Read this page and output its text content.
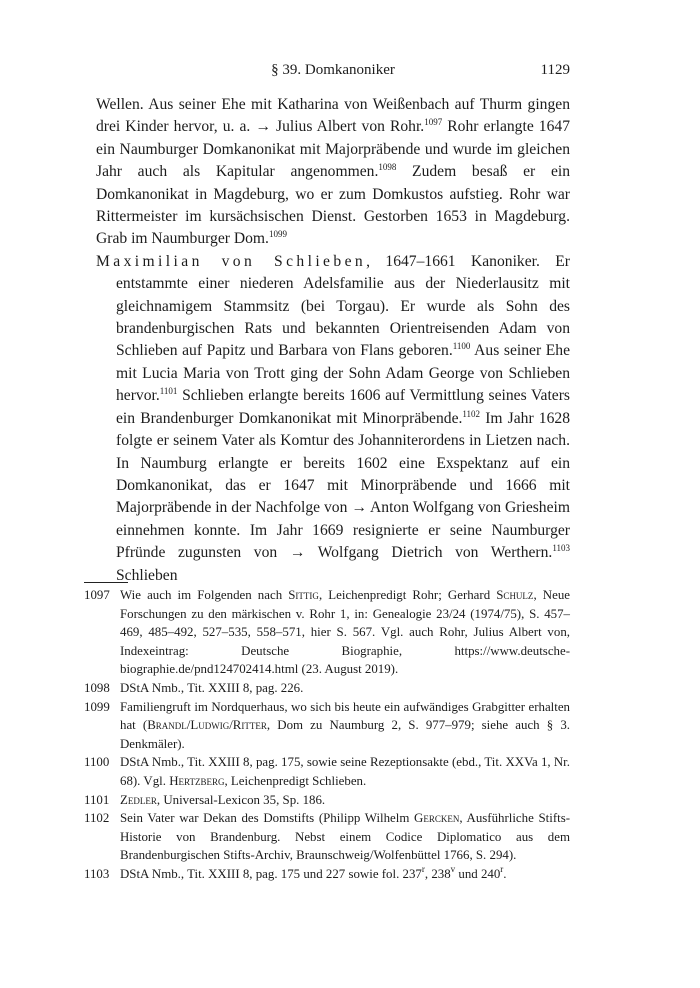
§ 39. Domkanoniker	1129

Wellen. Aus seiner Ehe mit Katharina von Weißenbach auf Thurm gingen drei Kinder hervor, u. a. → Julius Albert von Rohr.$^{1097}$ Rohr erlangte 1647 ein Naumburger Domkanonikat mit Majorpräbende und wurde im gleichen Jahr auch als Kapitular angenommen.$^{1098}$ Zudem besaß er ein Domkanonikat in Magdeburg, wo er zum Domkustos aufstieg. Rohr war Rittermeister im kursächsischen Dienst. Gestorben 1653 in Magdeburg. Grab im Naumburger Dom.$^{1099}$

Maximilian von Schlieben, 1647–1661 Kanoniker. Er entstammte einer niederen Adelsfamilie aus der Niederlausitz mit gleichnamigem Stammsitz (bei Torgau). Er wurde als Sohn des brandenburgischen Rats und bekannten Orientreisenden Adam von Schlieben auf Papitz und Barbara von Flans geboren.$^{1100}$ Aus seiner Ehe mit Lucia Maria von Trott ging der Sohn Adam George von Schlieben hervor.$^{1101}$ Schlieben erlangte bereits 1606 auf Vermittlung seines Vaters ein Brandenburger Domkanonikat mit Minorpräbende.$^{1102}$ Im Jahr 1628 folgte er seinem Vater als Komtur des Johanniterordens in Lietzen nach. In Naumburg erlangte er bereits 1602 eine Exspektanz auf ein Domkanonikat, das er 1647 mit Minorpräbende und 1666 mit Majorpräbende in der Nachfolge von → Anton Wolfgang von Griesheim einnehmen konnte. Im Jahr 1669 resignierte er seine Naumburger Pfründe zugunsten von → Wolfgang Dietrich von Werthern.$^{1103}$ Schlieben

1097 Wie auch im Folgenden nach Sittig, Leichenpredigt Rohr; Gerhard Schulz, Neue Forschungen zu den märkischen v. Rohr 1, in: Genealogie 23/24 (1974/75), S. 457–469, 485–492, 527–535, 558–571, hier S. 567. Vgl. auch Rohr, Julius Albert von, Indexeintrag: Deutsche Biographie, https://www.deutsche-biographie.de/pnd124702414.html (23. August 2019).
1098 DStA Nmb., Tit. XXIII 8, pag. 226.
1099 Familiengruft im Nordquerhaus, wo sich bis heute ein aufwändiges Grabgitter erhalten hat (Brandl/Ludwig/Ritter, Dom zu Naumburg 2, S. 977–979; siehe auch § 3. Denkmäler).
1100 DStA Nmb., Tit. XXIII 8, pag. 175, sowie seine Rezeptionsakte (ebd., Tit. XXVa 1, Nr. 68). Vgl. Hertzberg, Leichenpredigt Schlieben.
1101 Zedler, Universal-Lexicon 35, Sp. 186.
1102 Sein Vater war Dekan des Domstifts (Philipp Wilhelm Gercken, Ausführliche Stifts-Historie von Brandenburg. Nebst einem Codice Diplomatico aus dem Brandenburgischen Stifts-Archiv, Braunschweig/Wolfenbüttel 1766, S. 294).
1103 DStA Nmb., Tit. XXIII 8, pag. 175 und 227 sowie fol. 237$^r$, 238$^v$ und 240$^r$.
